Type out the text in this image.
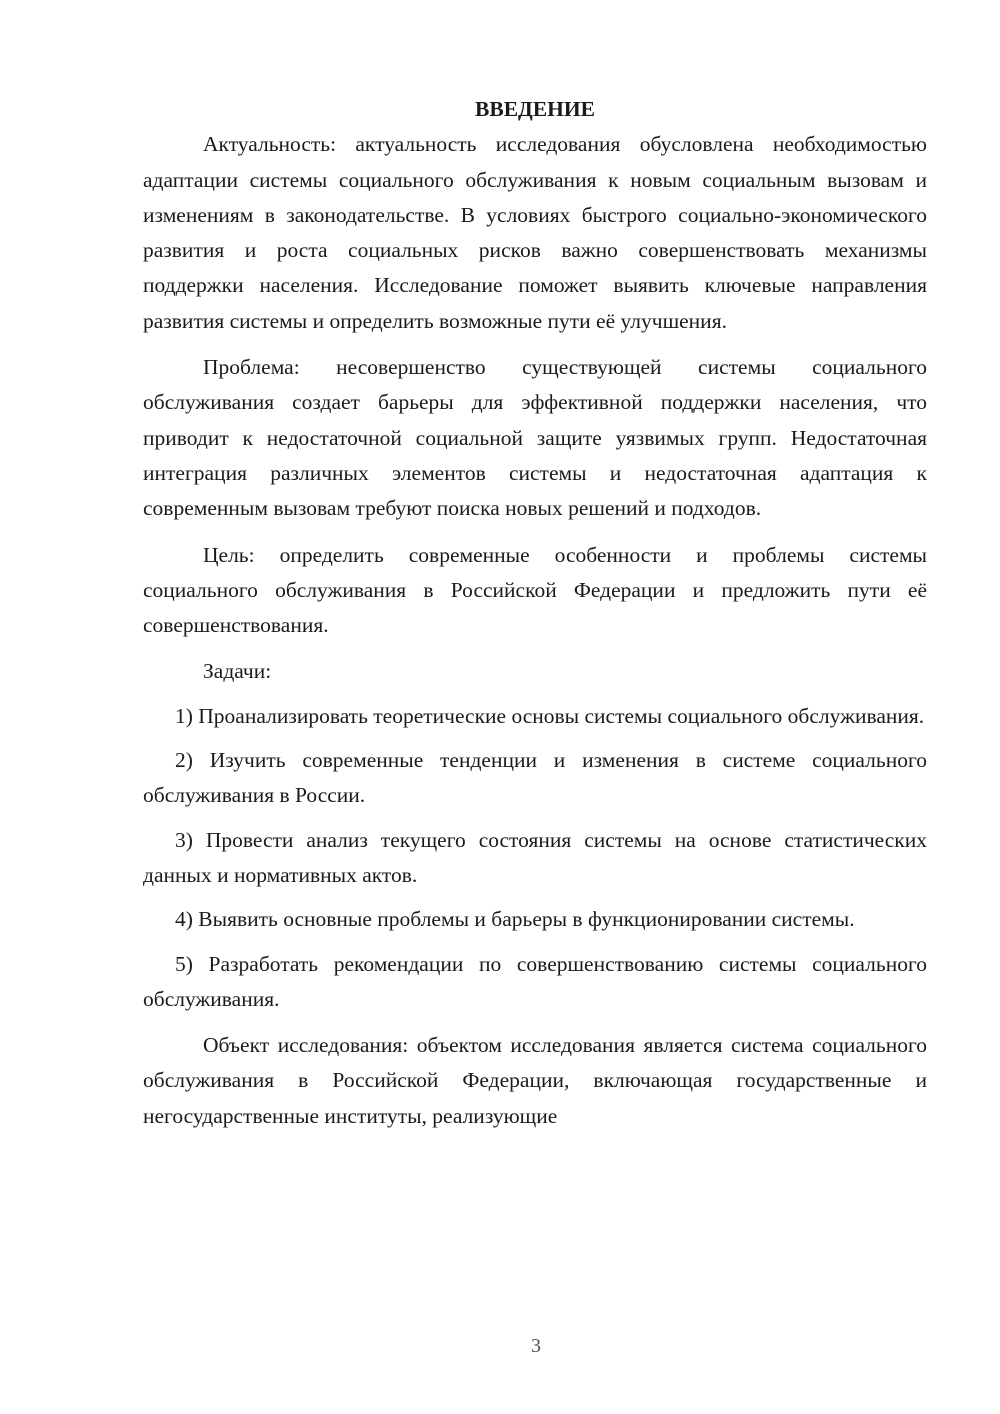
ВВЕДЕНИЕ

Актуальность: актуальность исследования обусловлена необходимостью адаптации системы социального обслуживания к новым социальным вызовам и изменениям в законодательстве. В условиях быстрого социально-экономического развития и роста социальных рисков важно совершенствовать механизмы поддержки населения. Исследование поможет выявить ключевые направления развития системы и определить возможные пути её улучшения.

Проблема: несовершенство существующей системы социального обслуживания создает барьеры для эффективной поддержки населения, что приводит к недостаточной социальной защите уязвимых групп. Недостаточная интеграция различных элементов системы и недостаточная адаптация к современным вызовам требуют поиска новых решений и подходов.

Цель: определить современные особенности и проблемы системы социального обслуживания в Российской Федерации и предложить пути её совершенствования.

Задачи:

1) Проанализировать теоретические основы системы социального обслуживания.

2) Изучить современные тенденции и изменения в системе социального обслуживания в России.

3) Провести анализ текущего состояния системы на основе статистических данных и нормативных актов.

4) Выявить основные проблемы и барьеры в функционировании системы.

5) Разработать рекомендации по совершенствованию системы социального обслуживания.

Объект исследования: объектом исследования является система социального обслуживания в Российской Федерации, включающая государственные и негосударственные институты, реализующие

3
